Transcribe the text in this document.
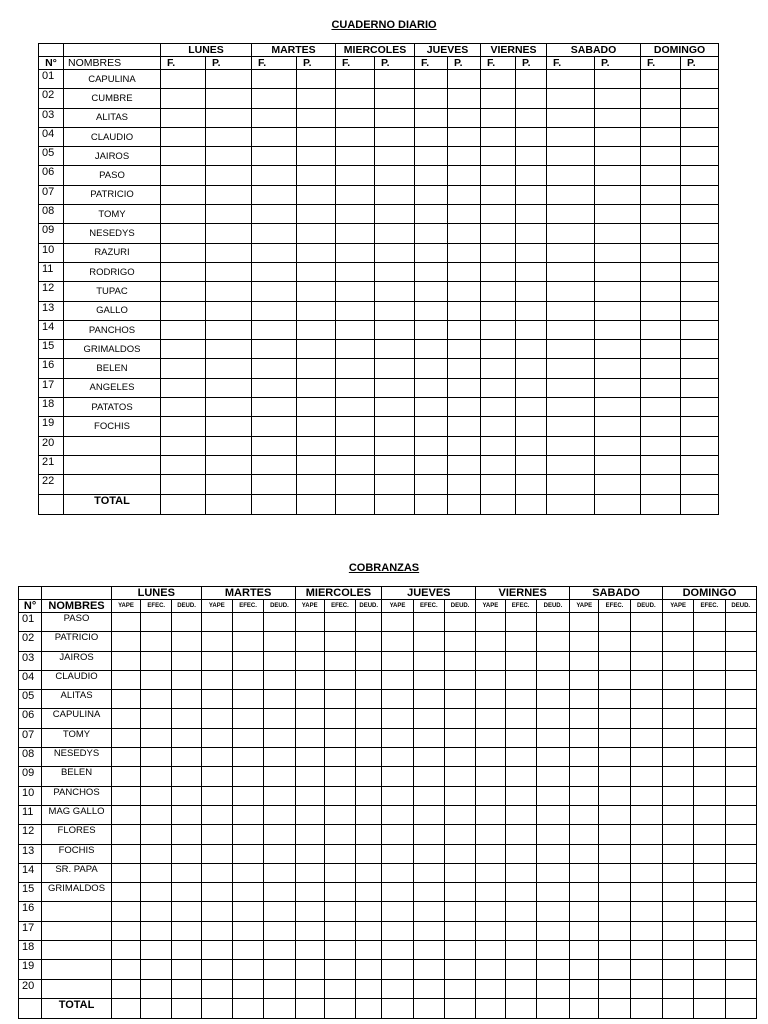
CUADERNO DIARIO
		LUNES		MARTES		MIERCOLES		JUEVES		VIERNES		SABADO		DOMINGO	
N°	NOMBRES	F.	P.	F.	P.	F.	P.	F.	P.	F.	P.	F.	P.	F.	P.
01	CAPULINA														
02	CUMBRE														
03	ALITAS														
04	CLAUDIO														
05	JAIROS														
06	PASO														
07	PATRICIO														
08	TOMY														
09	NESEDYS														
10	RAZURI														
11	RODRIGO														
12	TUPAC														
13	GALLO														
14	PANCHOS														
15	GRIMALDOS														
16	BELEN														
17	ANGELES														
18	PATATOS														
19	FOCHIS														
20															
21															
22															
	TOTAL														
COBRANZAS
		LUNES			MARTES			MIERCOLES			JUEVES			VIERNES			SABADO			DOMINGO		
N°	NOMBRES	YAPE	EFEC.	DEUD.	YAPE	EFEC.	DEUD.	YAPE	EFEC.	DEUD.	YAPE	EFEC.	DEUD.	YAPE	EFEC.	DEUD.	YAPE	EFEC.	DEUD.	YAPE	EFEC.	DEUD.
01	PASO																					
02	PATRICIO																					
03	JAIROS																					
04	CLAUDIO																					
05	ALITAS																					
06	CAPULINA																					
07	TOMY																					
08	NESEDYS																					
09	BELEN																					
10	PANCHOS																					
11	MAG GALLO																					
12	FLORES																					
13	FOCHIS																					
14	SR. PAPA																					
15	GRIMALDOS																					
16																						
17																						
18																						
19																						
20																						
	TOTAL																					
